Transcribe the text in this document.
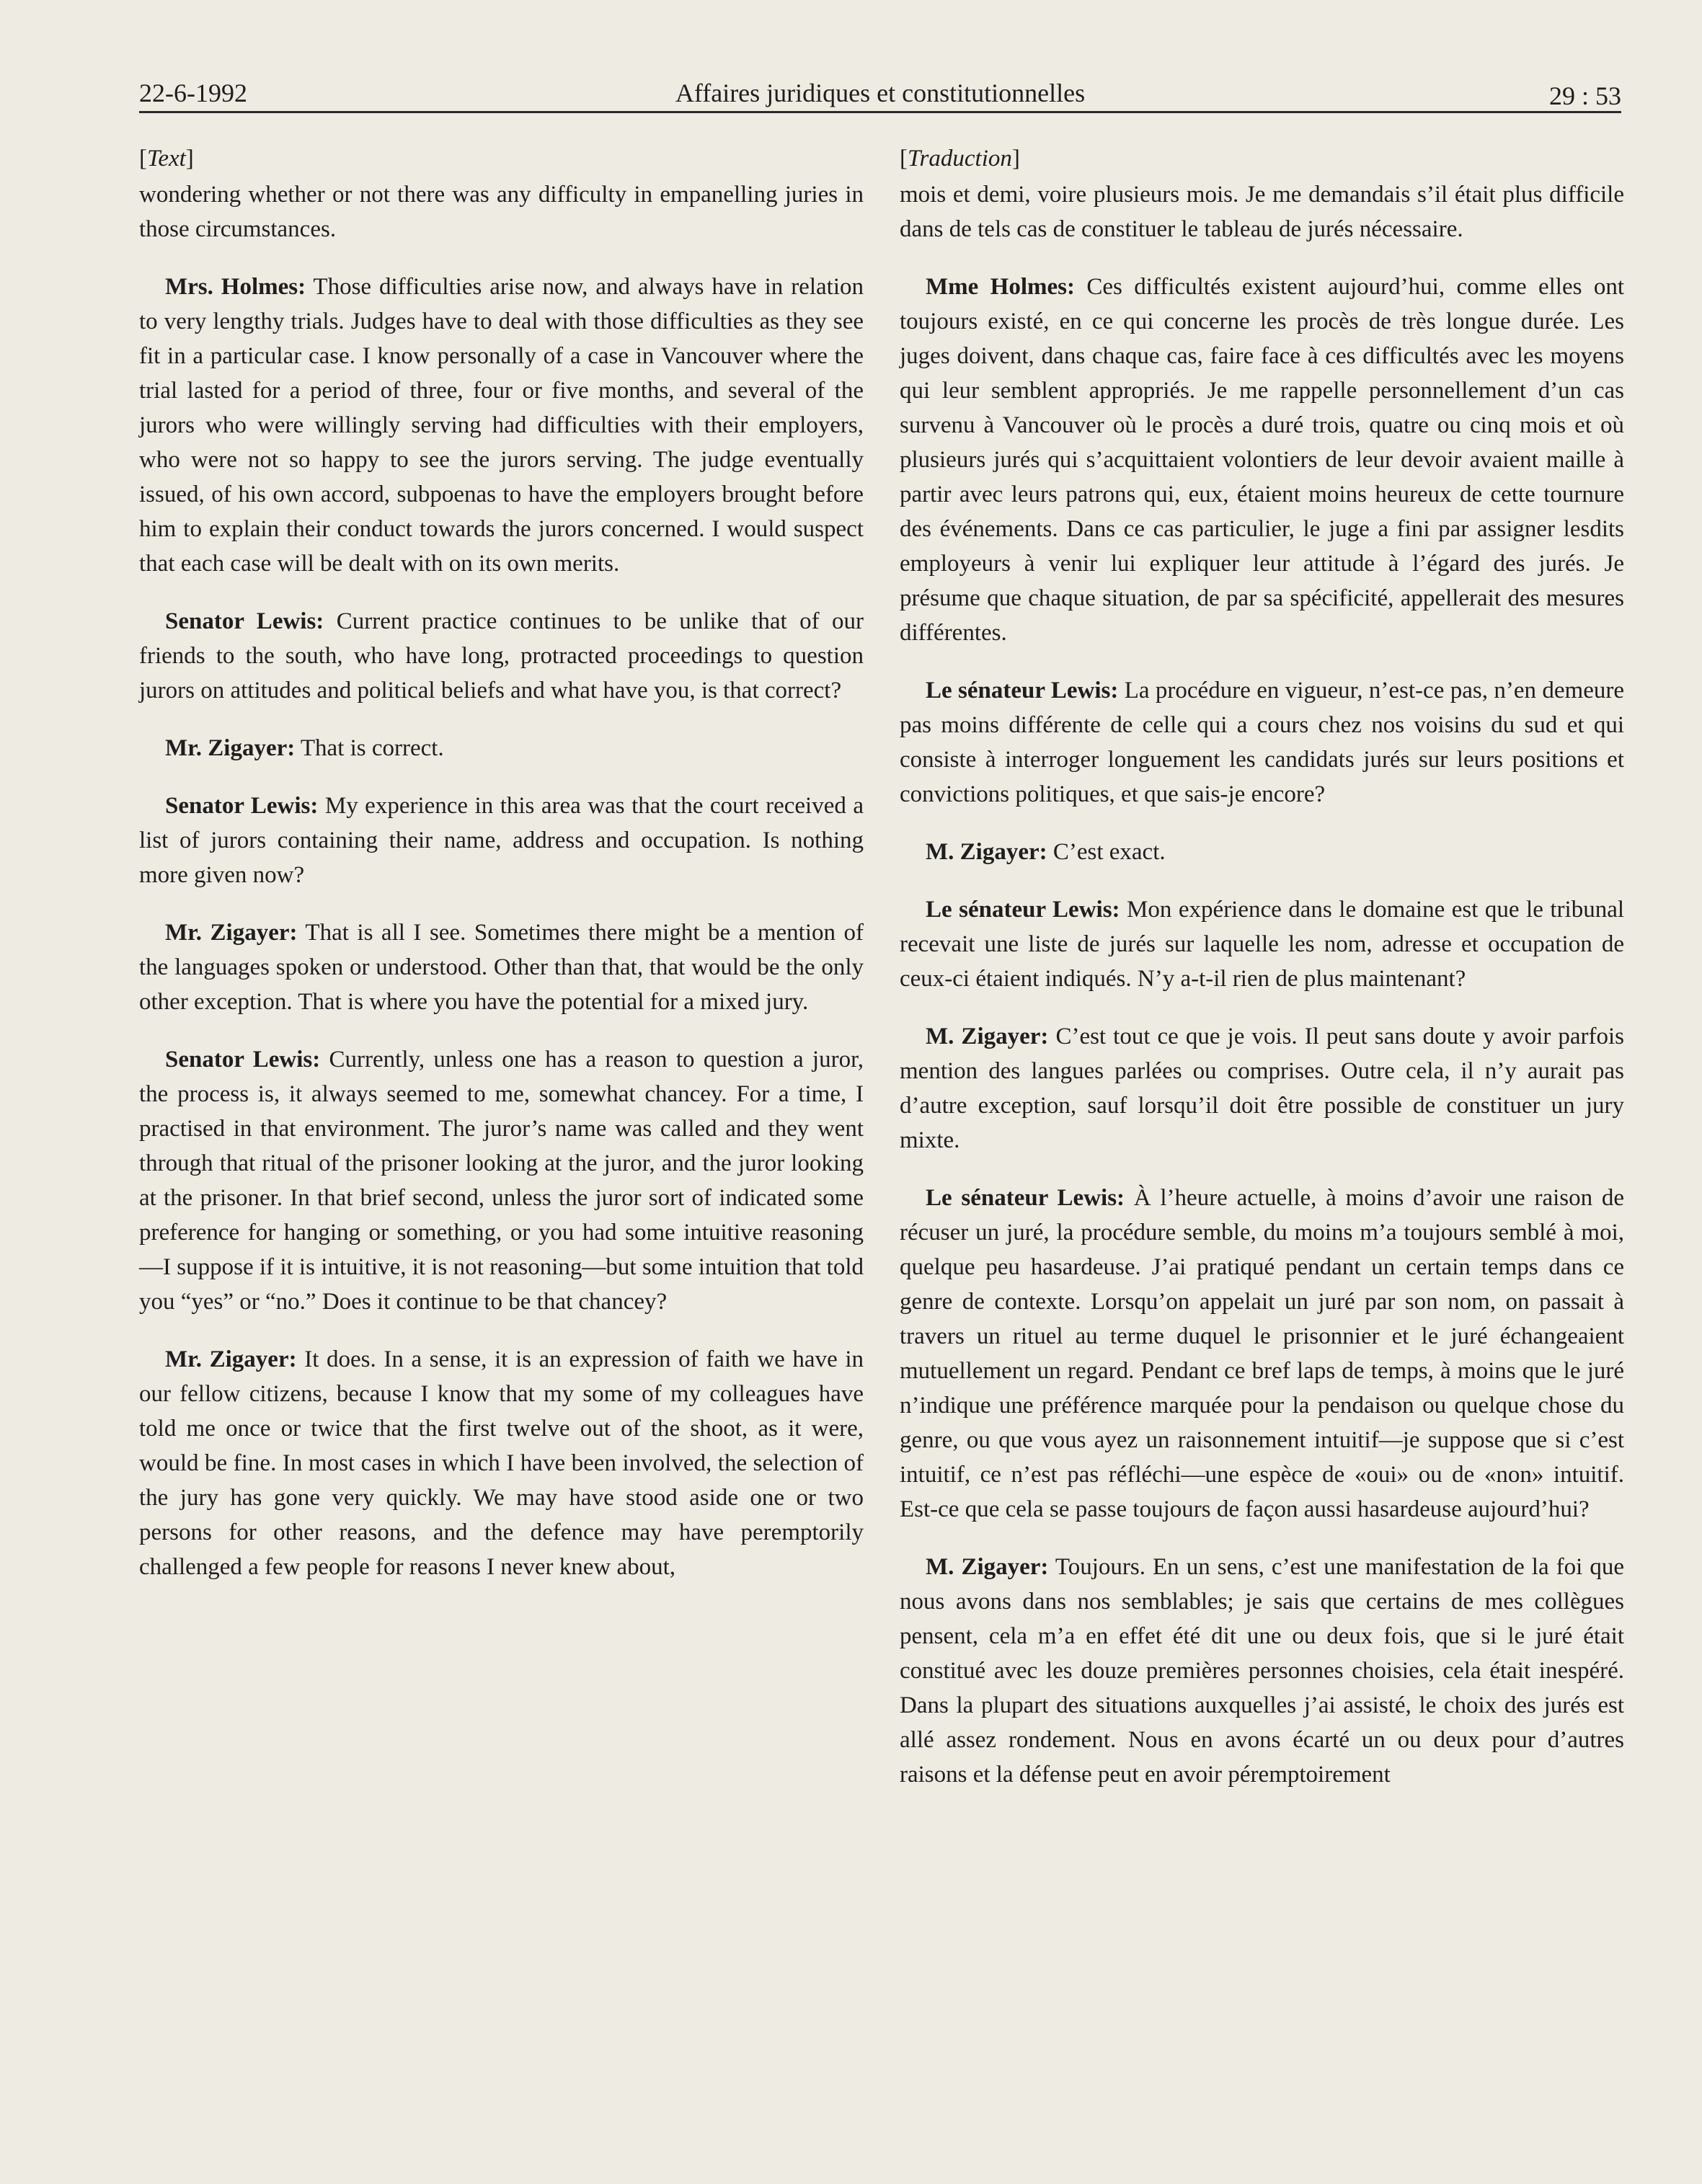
22-6-1992	Affaires juridiques et constitutionnelles	29 : 53
[Text]

wondering whether or not there was any difficulty in empanelling juries in those circumstances.

Mrs. Holmes: Those difficulties arise now, and always have in relation to very lengthy trials. Judges have to deal with those difficulties as they see fit in a particular case. I know personally of a case in Vancouver where the trial lasted for a period of three, four or five months, and several of the jurors who were willingly serving had difficulties with their employers, who were not so happy to see the jurors serving. The judge eventually issued, of his own accord, subpoenas to have the employers brought before him to explain their conduct towards the jurors concerned. I would suspect that each case will be dealt with on its own merits.

Senator Lewis: Current practice continues to be unlike that of our friends to the south, who have long, protracted proceedings to question jurors on attitudes and political beliefs and what have you, is that correct?

Mr. Zigayer: That is correct.

Senator Lewis: My experience in this area was that the court received a list of jurors containing their name, address and occupation. Is nothing more given now?

Mr. Zigayer: That is all I see. Sometimes there might be a mention of the languages spoken or understood. Other than that, that would be the only other exception. That is where you have the potential for a mixed jury.

Senator Lewis: Currently, unless one has a reason to question a juror, the process is, it always seemed to me, somewhat chancey. For a time, I practised in that environment. The juror’s name was called and they went through that ritual of the prisoner looking at the juror, and the juror looking at the prisoner. In that brief second, unless the juror sort of indicated some preference for hanging or something, or you had some intuitive reasoning—I suppose if it is intuitive, it is not reasoning—but some intuition that told you “yes” or “no.” Does it continue to be that chancey?

Mr. Zigayer: It does. In a sense, it is an expression of faith we have in our fellow citizens, because I know that my some of my colleagues have told me once or twice that the first twelve out of the shoot, as it were, would be fine. In most cases in which I have been involved, the selection of the jury has gone very quickly. We may have stood aside one or two persons for other reasons, and the defence may have peremptorily challenged a few people for reasons I never knew about,

[Traduction]

mois et demi, voire plusieurs mois. Je me demandais s’il était plus difficile dans de tels cas de constituer le tableau de jurés nécessaire.

Mme Holmes: Ces difficultés existent aujourd’hui, comme elles ont toujours existé, en ce qui concerne les procès de très longue durée. Les juges doivent, dans chaque cas, faire face à ces difficultés avec les moyens qui leur semblent appropriés. Je me rappelle personnellement d’un cas survenu à Vancouver où le procès a duré trois, quatre ou cinq mois et où plusieurs jurés qui s’acquittaient volontiers de leur devoir avaient maille à partir avec leurs patrons qui, eux, étaient moins heureux de cette tournure des événements. Dans ce cas particulier, le juge a fini par assigner lesdits employeurs à venir lui expliquer leur attitude à l’égard des jurés. Je présume que chaque situation, de par sa spécificité, appellerait des mesures différentes.

Le sénateur Lewis: La procédure en vigueur, n’est-ce pas, n’en demeure pas moins différente de celle qui a cours chez nos voisins du sud et qui consiste à interroger longuement les candidats jurés sur leurs positions et convictions politiques, et que sais-je encore?

M. Zigayer: C’est exact.

Le sénateur Lewis: Mon expérience dans le domaine est que le tribunal recevait une liste de jurés sur laquelle les nom, adresse et occupation de ceux-ci étaient indiqués. N’y a-t-il rien de plus maintenant?

M. Zigayer: C’est tout ce que je vois. Il peut sans doute y avoir parfois mention des langues parlées ou comprises. Outre cela, il n’y aurait pas d’autre exception, sauf lorsqu’il doit être possible de constituer un jury mixte.

Le sénateur Lewis: À l’heure actuelle, à moins d’avoir une raison de récuser un juré, la procédure semble, du moins m’a toujours semblé à moi, quelque peu hasardeuse. J’ai pratiqué pendant un certain temps dans ce genre de contexte. Lorsqu’on appelait un juré par son nom, on passait à travers un rituel au terme duquel le prisonnier et le juré échangeaient mutuellement un regard. Pendant ce bref laps de temps, à moins que le juré n’indique une préférence marquée pour la pendaison ou quelque chose du genre, ou que vous ayez un raisonnement intuitif—je suppose que si c’est intuitif, ce n’est pas réfléchi—une espèce de «oui» ou de «non» intuitif. Est-ce que cela se passe toujours de façon aussi hasardeuse aujourd’hui?

M. Zigayer: Toujours. En un sens, c’est une manifestation de la foi que nous avons dans nos semblables; je sais que certains de mes collègues pensent, cela m’a en effet été dit une ou deux fois, que si le juré était constitué avec les douze premières personnes choisies, cela était inespéré. Dans la plupart des situations auxquelles j’ai assisté, le choix des jurés est allé assez rondement. Nous en avons écarté un ou deux pour d’autres raisons et la défense peut en avoir péremptoirement
